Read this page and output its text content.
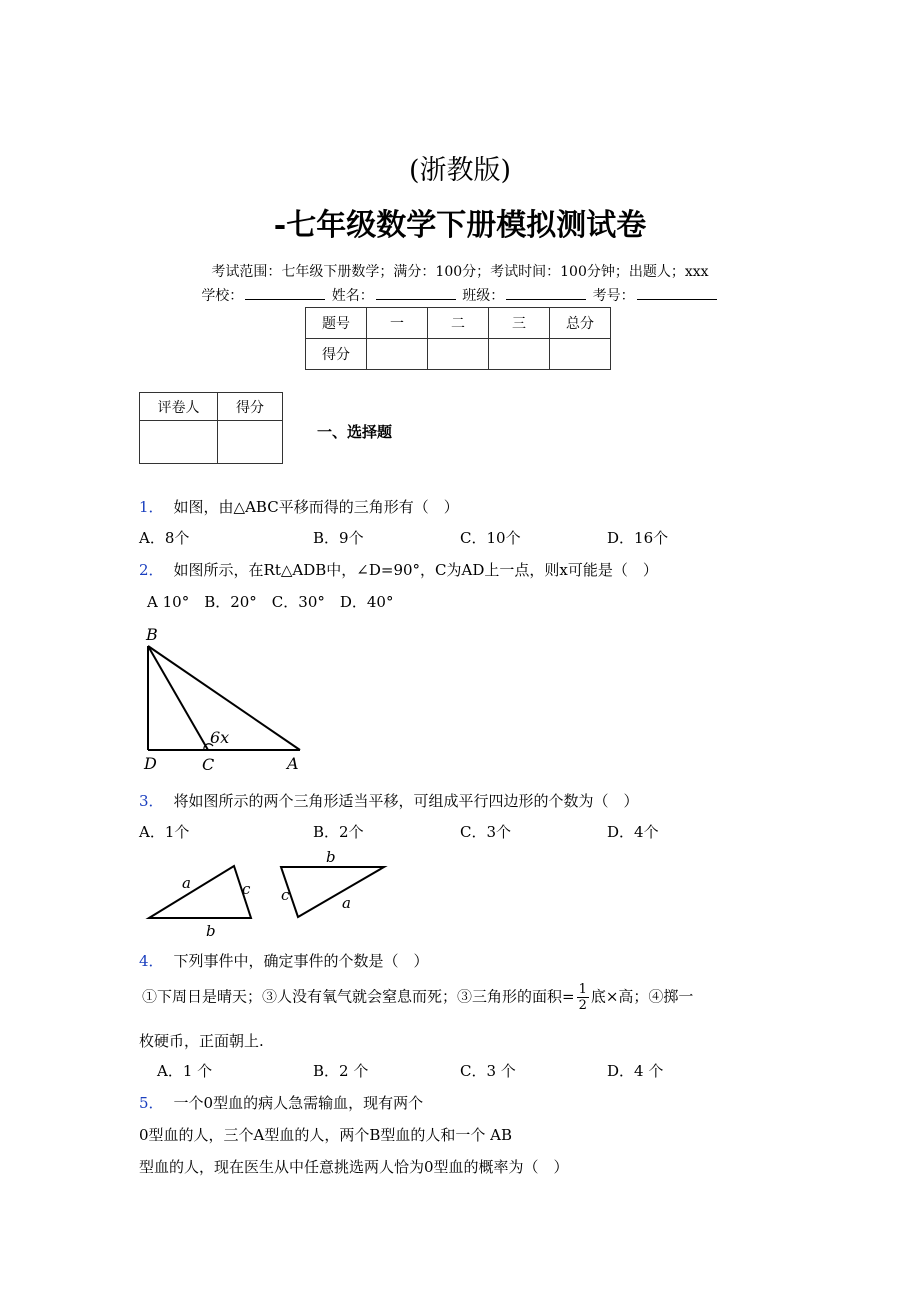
(浙教版)
-七年级数学下册模拟测试卷
考试范围：七年级下册数学；满分：100分；考试时间：100分钟；出题人；xxx
学校：	姓名：	班级：	考号：
题号	一	二	三	总分
得分				
评卷人	得分

一、选择题
1． 如图，由△ABC平移而得的三角形有（　）
A．8个	B．9个	C．10个	D．16个
2． 如图所示，在Rt△ADB中，∠D=90°，C为AD上一点，则x可能是（　）
A 10°　B．20°　C．30°　D．40°
B
D	C	A
6x
3． 将如图所示的两个三角形适当平移，可组成平行四边形的个数为（　）
A．1个	B．2个	C．3个	D．4个
a	c
b
b
c	a
4． 下列事件中，确定事件的个数是（　）
①下周日是晴天；③人没有氧气就会窒息而死；③三角形的面积= $\frac{1}{2}$ 底×高；④掷一
枚硬币，正面朝上.
A．1 个	B．2 个	C．3 个	D．4 个
5． 一个0型血的病人急需输血，现有两个
0型血的人，三个A型血的人，两个B型血的人和一个 AB
型血的人，现在医生从中任意挑选两人恰为0型血的概率为（　）
